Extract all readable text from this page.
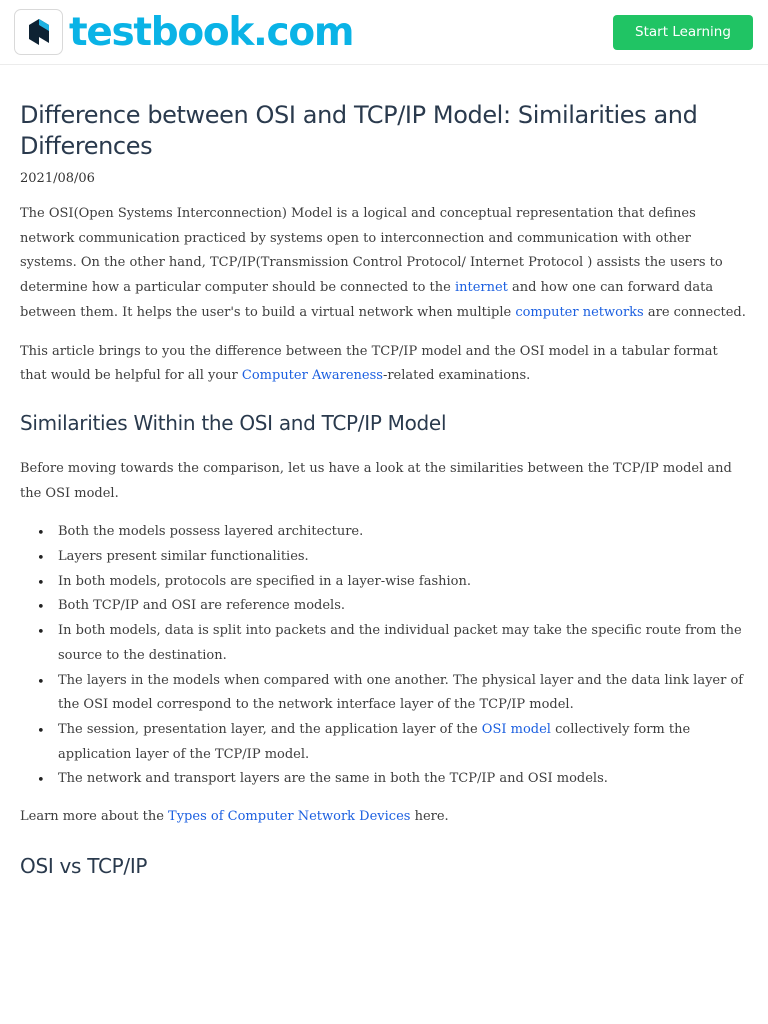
testbook.com	Start Learning
Difference between OSI and TCP/IP Model: Similarities and Differences
2021/08/06

The OSI(Open Systems Interconnection) Model is a logical and conceptual representation that defines network communication practiced by systems open to interconnection and communication with other systems. On the other hand, TCP/IP(Transmission Control Protocol/ Internet Protocol ) assists the users to determine how a particular computer should be connected to the internet and how one can forward data between them. It helps the user's to build a virtual network when multiple computer networks are connected.

This article brings to you the difference between the TCP/IP model and the OSI model in a tabular format that would be helpful for all your Computer Awareness-related examinations.

Similarities Within the OSI and TCP/IP Model

Before moving towards the comparison, let us have a look at the similarities between the TCP/IP model and the OSI model.

• Both the models possess layered architecture.
• Layers present similar functionalities.
• In both models, protocols are specified in a layer-wise fashion.
• Both TCP/IP and OSI are reference models.
• In both models, data is split into packets and the individual packet may take the specific route from the source to the destination.
• The layers in the models when compared with one another. The physical layer and the data link layer of the OSI model correspond to the network interface layer of the TCP/IP model.
• The session, presentation layer, and the application layer of the OSI model collectively form the application layer of the TCP/IP model.
• The network and transport layers are the same in both the TCP/IP and OSI models.

Learn more about the Types of Computer Network Devices here.

OSI vs TCP/IP
